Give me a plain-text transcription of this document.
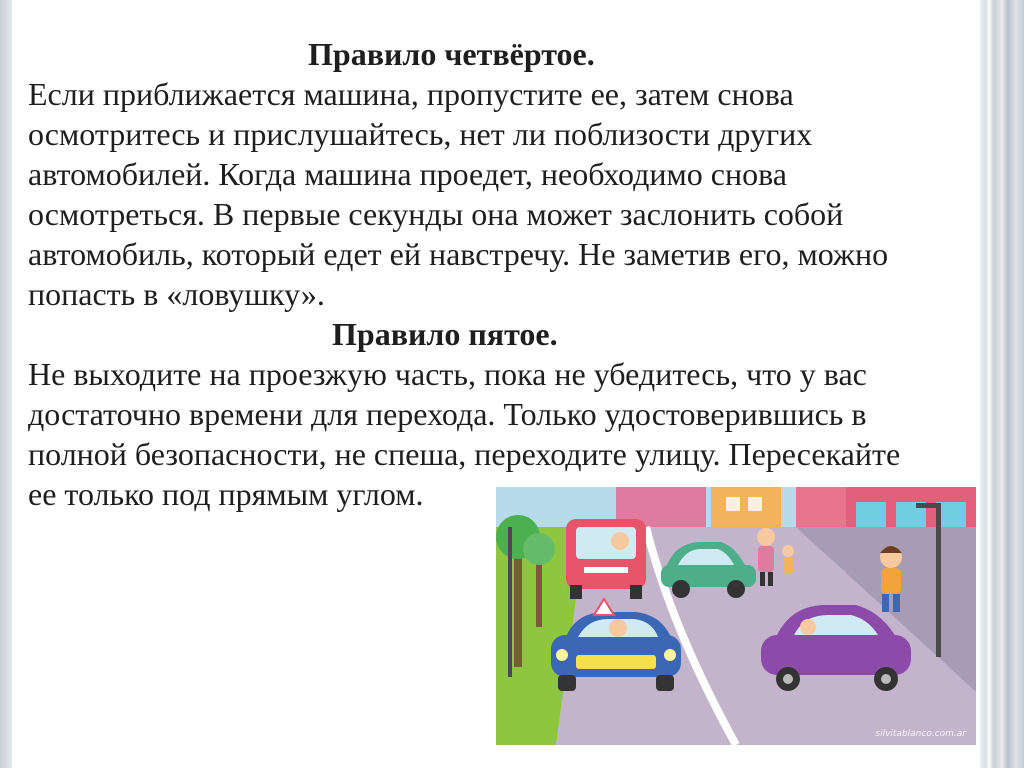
Правило четвёртое.

Если приближается машина, пропустите ее, затем снова

осмотритесь и прислушайтесь, нет ли поблизости других

автомобилей. Когда машина проедет, необходимо снова

осмотреться. В первые секунды она может заслонить собой

автомобиль, который едет ей навстречу. Не заметив его, можно

попасть в «ловушку».

Правило пятое.

Не выходите на проезжую часть, пока не убедитесь, что у вас

достаточно времени для перехода. Только удостоверившись в

полной безопасности, не спеша, переходите улицу. Пересекайте

ее только под прямым углом.

silvitablanco.com.ar
